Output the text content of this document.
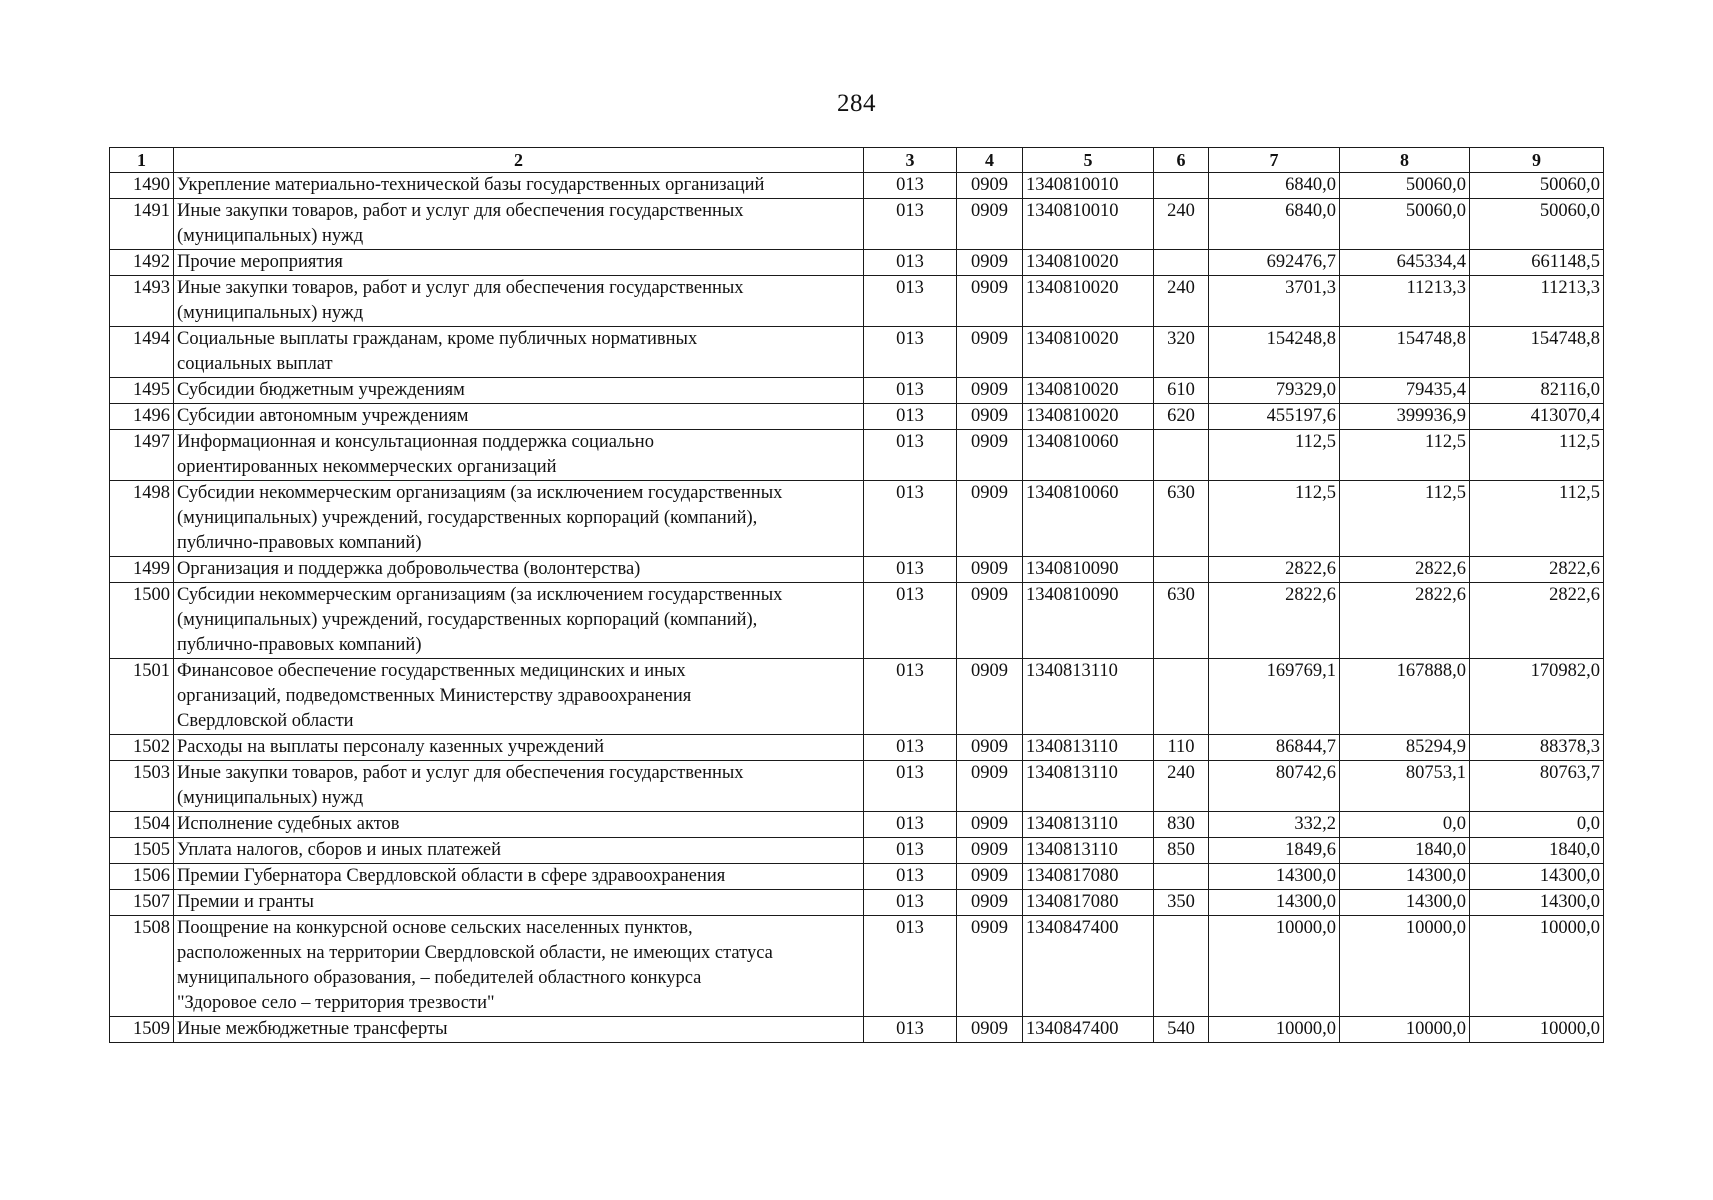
284
1	2	3	4	5	6	7	8	9
1490	Укрепление материально-технической базы государственных организаций	013	0909	1340810010		6840,0	50060,0	50060,0
1491	Иные закупки товаров, работ и услуг для обеспечения государственных
(муниципальных) нужд	013	0909	1340810010	240	6840,0	50060,0	50060,0
1492	Прочие мероприятия	013	0909	1340810020		692476,7	645334,4	661148,5
1493	Иные закупки товаров, работ и услуг для обеспечения государственных
(муниципальных) нужд	013	0909	1340810020	240	3701,3	11213,3	11213,3
1494	Социальные выплаты гражданам, кроме публичных нормативных
социальных выплат	013	0909	1340810020	320	154248,8	154748,8	154748,8
1495	Субсидии бюджетным учреждениям	013	0909	1340810020	610	79329,0	79435,4	82116,0
1496	Субсидии автономным учреждениям	013	0909	1340810020	620	455197,6	399936,9	413070,4
1497	Информационная и консультационная поддержка социально
ориентированных некоммерческих организаций	013	0909	1340810060		112,5	112,5	112,5
1498	Субсидии некоммерческим организациям (за исключением государственных
(муниципальных) учреждений, государственных корпораций (компаний),
публично-правовых компаний)	013	0909	1340810060	630	112,5	112,5	112,5
1499	Организация и поддержка добровольчества (волонтерства)	013	0909	1340810090		2822,6	2822,6	2822,6
1500	Субсидии некоммерческим организациям (за исключением государственных
(муниципальных) учреждений, государственных корпораций (компаний),
публично-правовых компаний)	013	0909	1340810090	630	2822,6	2822,6	2822,6
1501	Финансовое обеспечение государственных медицинских и иных
организаций, подведомственных Министерству здравоохранения
Свердловской области	013	0909	1340813110		169769,1	167888,0	170982,0
1502	Расходы на выплаты персоналу казенных учреждений	013	0909	1340813110	110	86844,7	85294,9	88378,3
1503	Иные закупки товаров, работ и услуг для обеспечения государственных
(муниципальных) нужд	013	0909	1340813110	240	80742,6	80753,1	80763,7
1504	Исполнение судебных актов	013	0909	1340813110	830	332,2	0,0	0,0
1505	Уплата налогов, сборов и иных платежей	013	0909	1340813110	850	1849,6	1840,0	1840,0
1506	Премии Губернатора Свердловской области в сфере здравоохранения	013	0909	1340817080		14300,0	14300,0	14300,0
1507	Премии и гранты	013	0909	1340817080	350	14300,0	14300,0	14300,0
1508	Поощрение на конкурсной основе сельских населенных пунктов,
расположенных на территории Свердловской области, не имеющих статуса
муниципального образования, – победителей областного конкурса
"Здоровое село – территория трезвости"	013	0909	1340847400		10000,0	10000,0	10000,0
1509	Иные межбюджетные трансферты	013	0909	1340847400	540	10000,0	10000,0	10000,0
